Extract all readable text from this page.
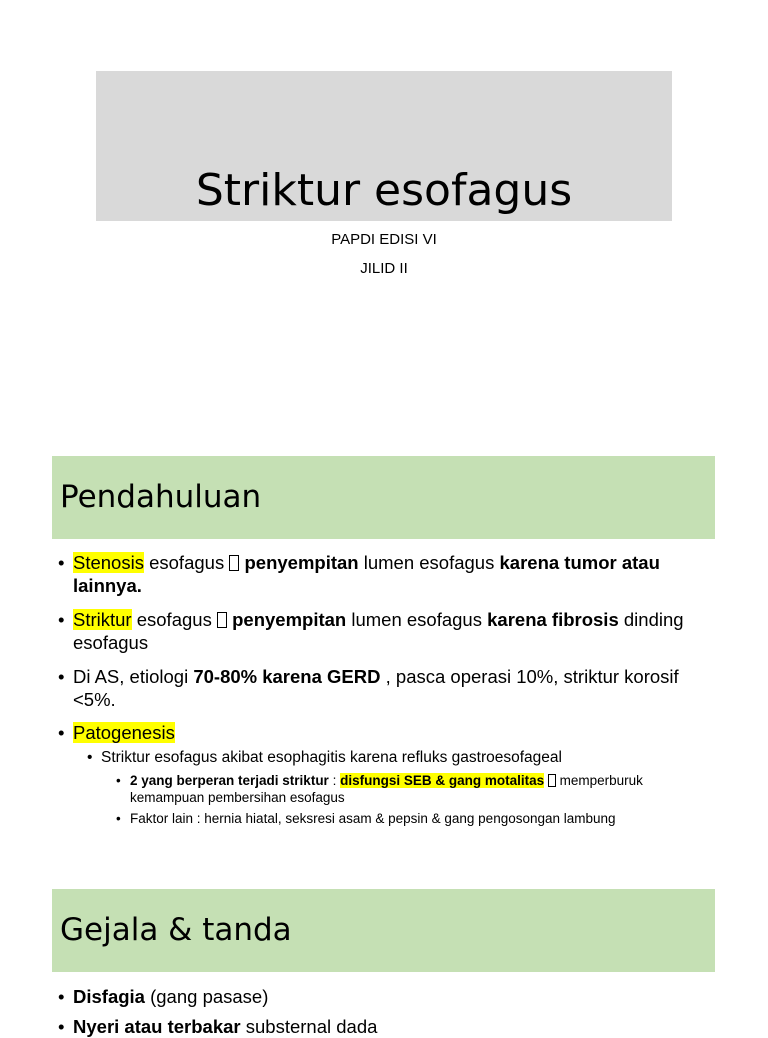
Striktur esofagus
PAPDI EDISI VI
JILID II
Pendahuluan
• Stenosis esofagus  penyempitan lumen esofagus karena tumor atau lainnya.
• Striktur esofagus  penyempitan lumen esofagus karena fibrosis dinding esofagus
• Di AS, etiologi 70-80% karena GERD , pasca operasi 10%, striktur korosif <5%.
• Patogenesis
• Striktur esofagus akibat esophagitis karena refluks gastroesofageal
• 2 yang berperan terjadi striktur : disfungsi SEB & gang motalitas  memperburuk kemampuan pembersihan esofagus
• Faktor lain : hernia hiatal, seksresi asam & pepsin & gang pengosongan lambung
Gejala & tanda
• Disfagia (gang pasase)
• Nyeri atau terbakar substernal dada
